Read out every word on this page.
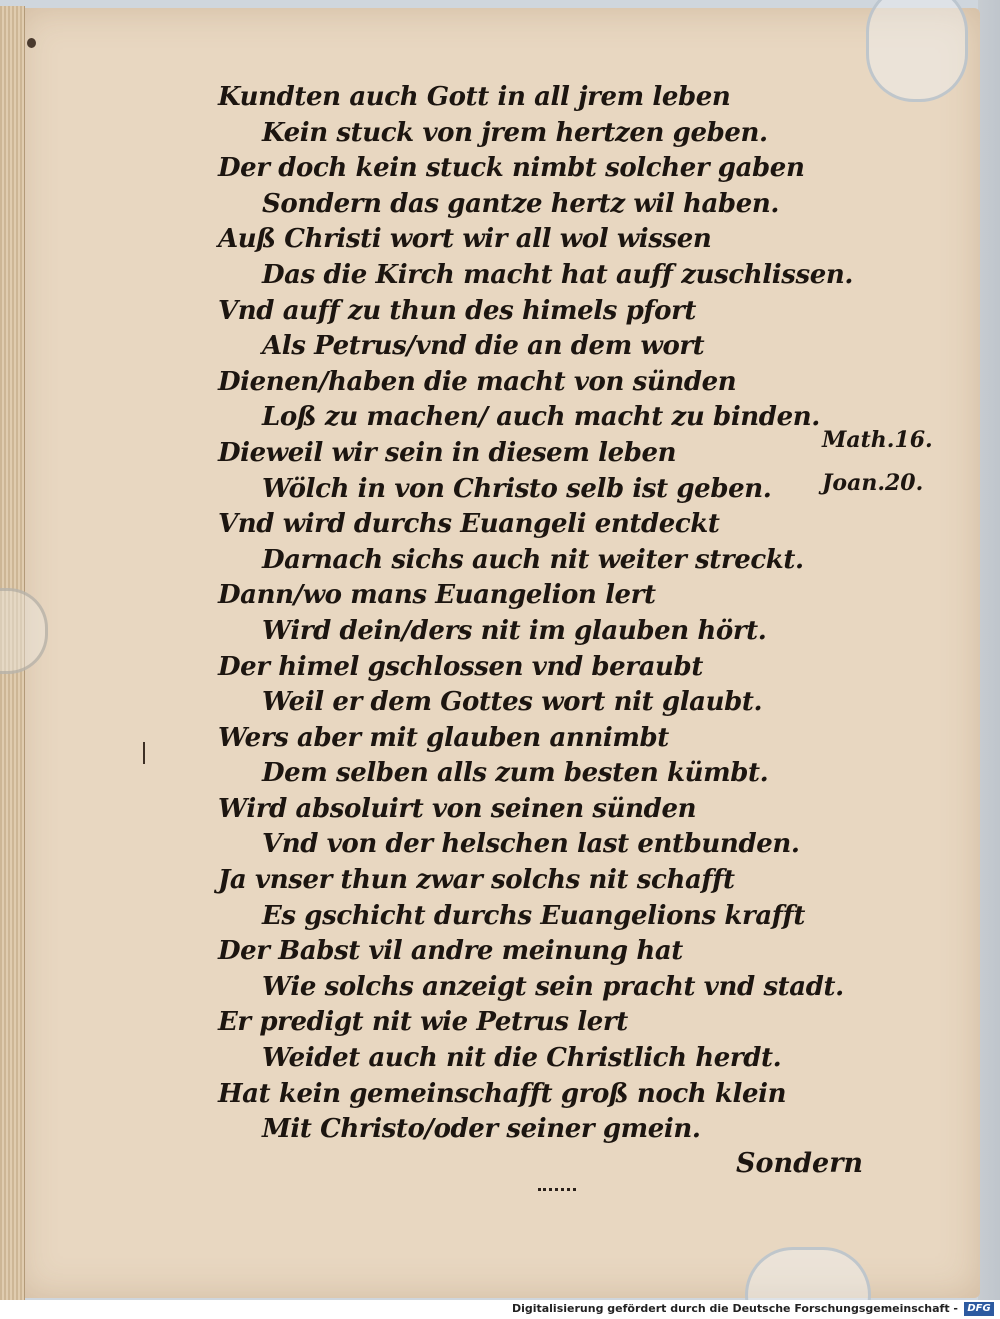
Kundten auch Gott in all jrem leben
Kein stuck von jrem hertzen geben.
Der doch kein stuck nimbt solcher gaben
Sondern das gantze hertz wil haben.
Auß Christi wort wir all wol wissen
Das die Kirch macht hat auff zuschlissen.
Vnd auff zu thun des himels pfort
Als Petrus/vnd die an dem wort
Dienen/haben die macht von sünden
Loß zu machen/ auch macht zu binden.
Dieweil wir sein in diesem leben
Wölch in von Christo selb ist geben.
Vnd wird durchs Euangeli entdeckt
Darnach sichs auch nit weiter streckt.
Dann/wo mans Euangelion lert
Wird dein/ders nit im glauben hört.
Der himel gschlossen vnd beraubt
Weil er dem Gottes wort nit glaubt.
Wers aber mit glauben annimbt
Dem selben alls zum besten kümbt.
Wird absoluirt von seinen sünden
Vnd von der helschen last entbunden.
Ja vnser thun zwar solchs nit schafft
Es gschicht durchs Euangelions krafft
Der Babst vil andre meinung hat
Wie solchs anzeigt sein pracht vnd stadt.
Er predigt nit wie Petrus lert
Weidet auch nit die Christlich herdt.
Hat kein gemeinschafft groß noch klein
Mit Christo/oder seiner gmein.
Math.16.
Joan.20.
Sondern
Digitalisierung gefördert durch die Deutsche Forschungsgemeinschaft - DFG
